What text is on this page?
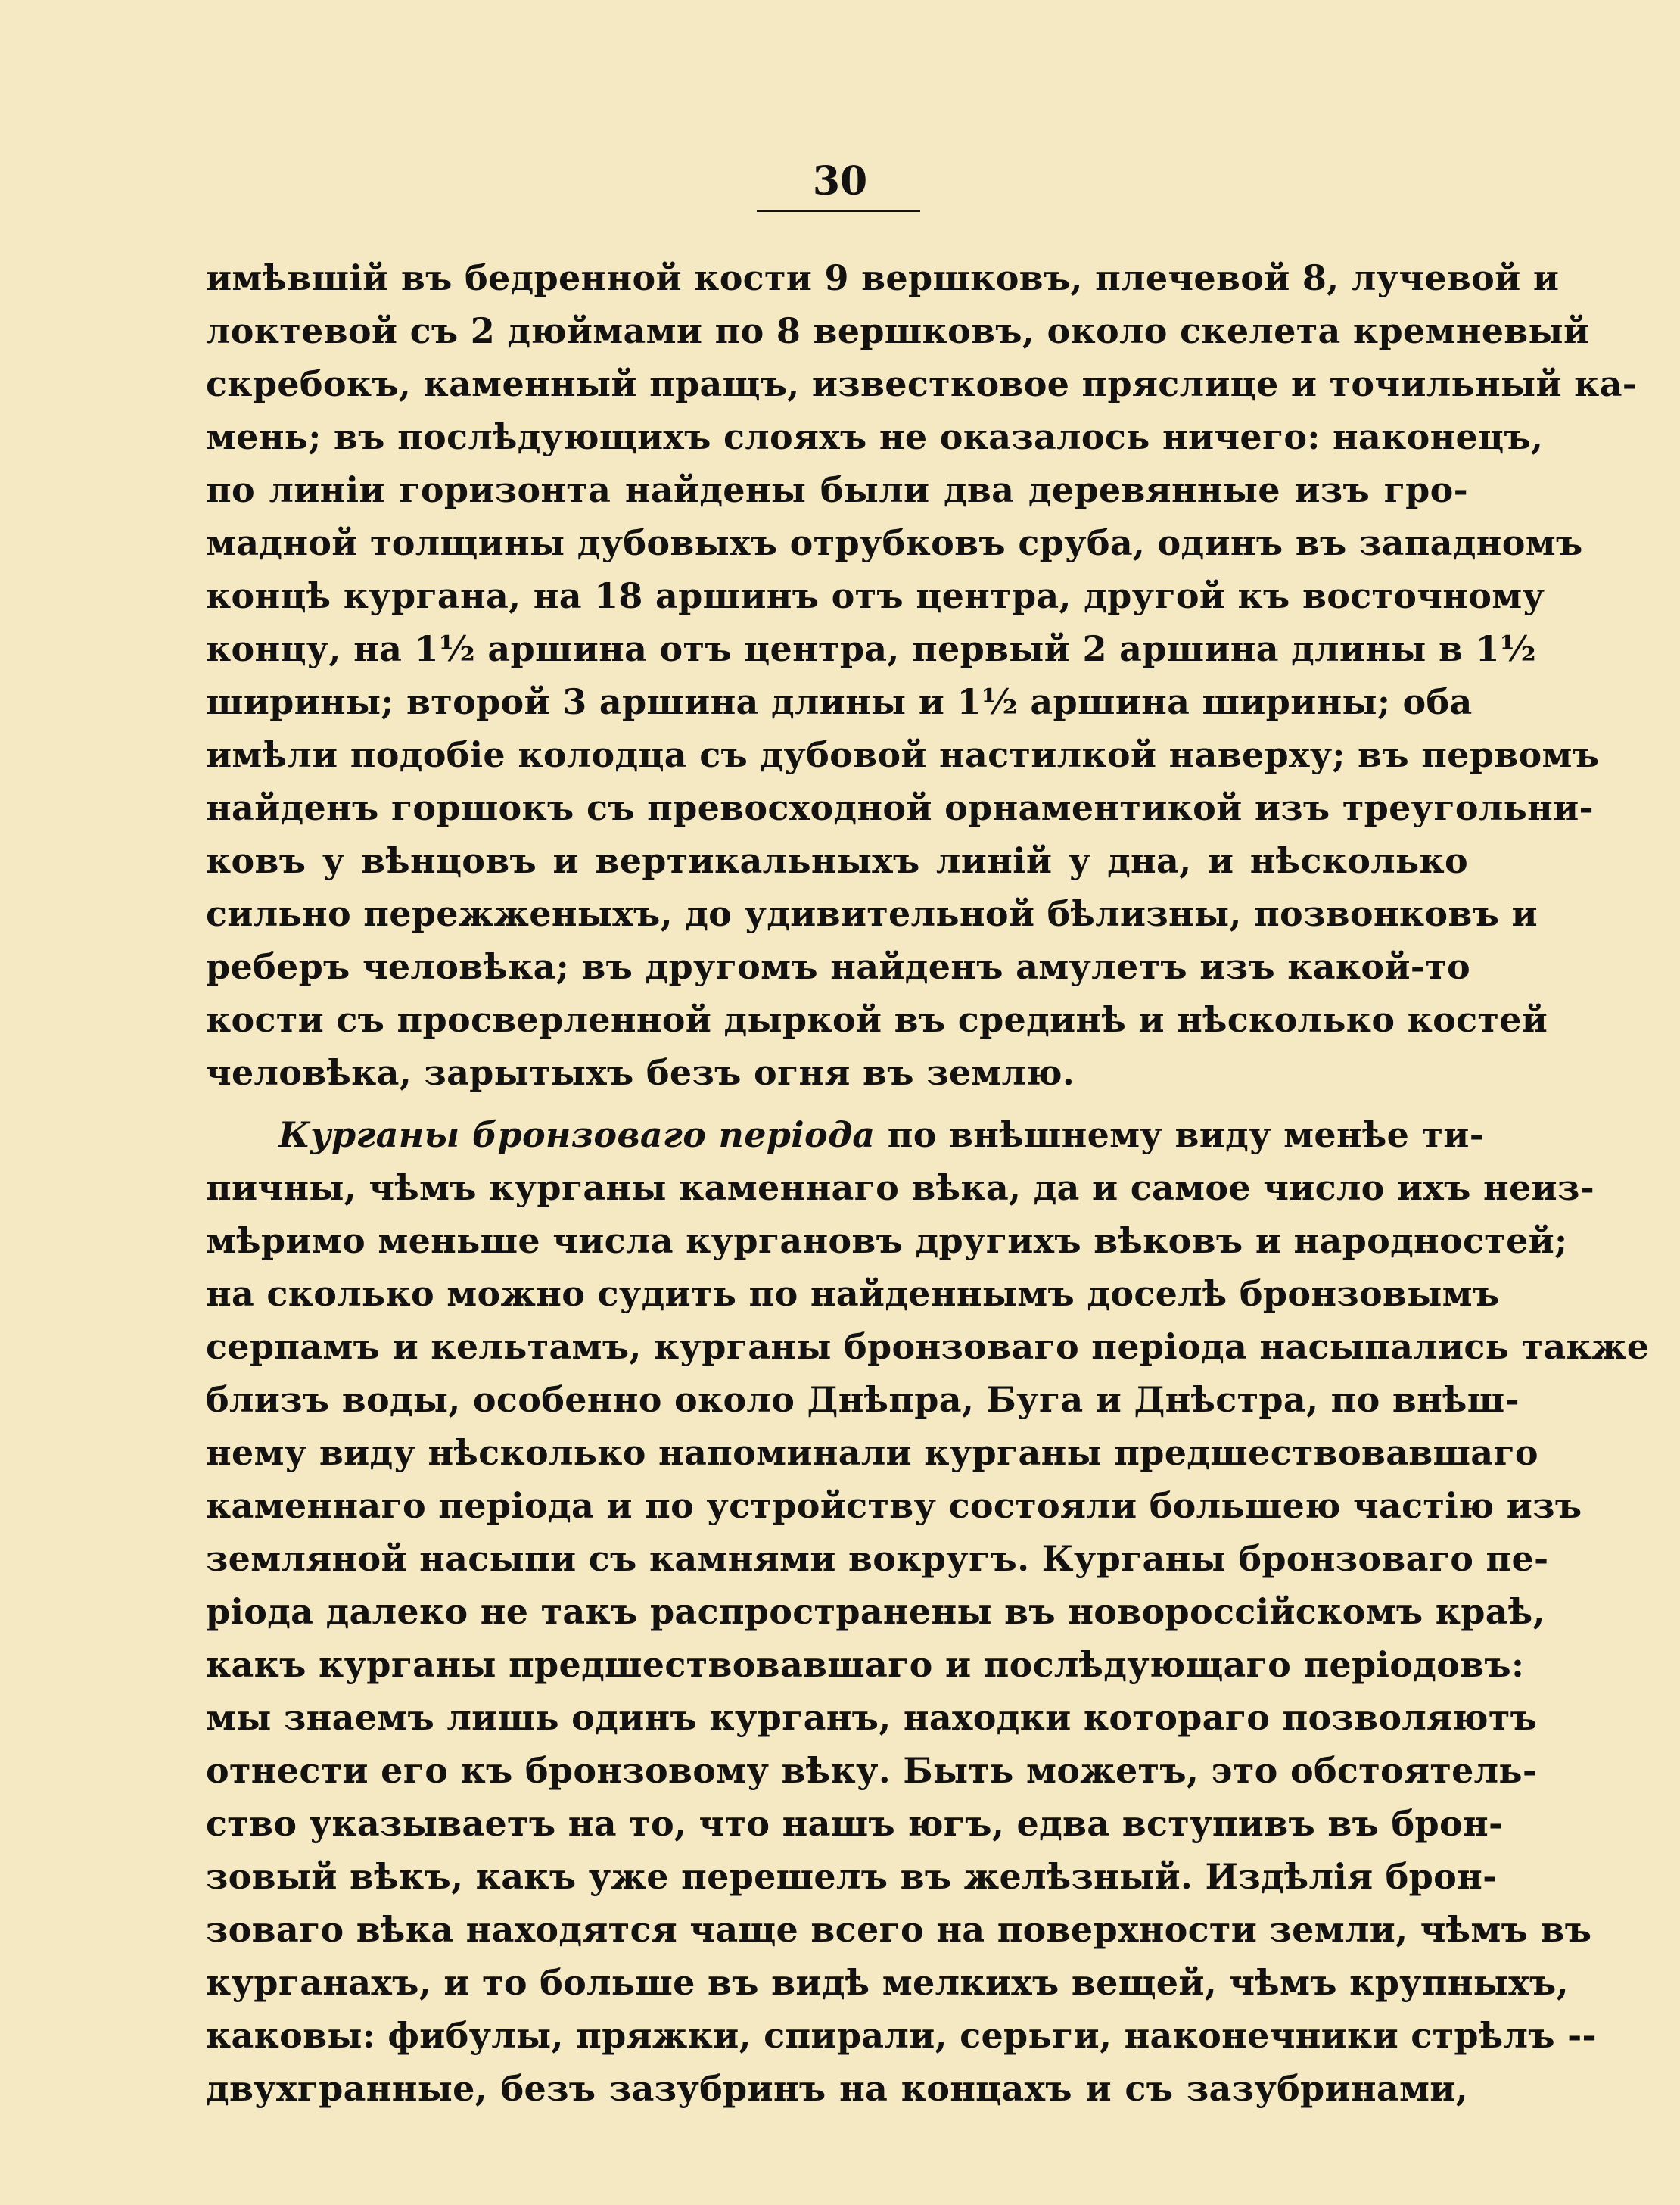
30
имѣвшій въ бедренной кости 9 вершковъ, плечевой 8, лучевой и
локтевой съ 2 дюймами по 8 вершковъ, около скелета кремневый
скребокъ, каменный пращъ, известковое пряслице и точильный ка-
мень; въ послѣдующихъ слояхъ не оказалось ничего: наконецъ,
по линіи горизонта найдены были два деревянные изъ гро-
мадной толщины дубовыхъ отрубковъ сруба, одинъ въ западномъ
концѣ кургана, на 18 аршинъ отъ центра, другой къ восточному
концу, на 1½ аршина отъ центра, первый 2 аршина длины в 1½
ширины; второй 3 аршина длины и 1½ аршина ширины; оба
имѣли подобіе колодца съ дубовой настилкой наверху; въ первомъ
найденъ горшокъ съ превосходной орнаментикой изъ треугольни-
ковъ у вѣнцовъ и вертикальныхъ линій у дна, и нѣсколько
сильно пережженыхъ, до удивительной бѣлизны, позвонковъ и
реберъ человѣка; въ другомъ найденъ амулетъ изъ какой-то
кости съ просверленной дыркой въ срединѣ и нѣсколько костей
человѣка, зарытыхъ безъ огня въ землю.
Курганы бронзоваго періода по внѣшнему виду менѣе ти-
пичны, чѣмъ курганы каменнаго вѣка, да и самое число ихъ неиз-
мѣримо меньше числа кургановъ другихъ вѣковъ и народностей;
на сколько можно судить по найденнымъ доселѣ бронзовымъ
серпамъ и кельтамъ, курганы бронзоваго періода насыпались также
близъ воды, особенно около Днѣпра, Буга и Днѣстра, по внѣш-
нему виду нѣсколько напоминали курганы предшествовавшаго
каменнаго періода и по устройству состояли большею частію изъ
земляной насыпи съ камнями вокругъ. Курганы бронзоваго пе-
ріода далеко не такъ распространены въ новороссійскомъ краѣ,
какъ курганы предшествовавшаго и послѣдующаго періодовъ:
мы знаемъ лишь одинъ курганъ, находки котораго позволяютъ
отнести его къ бронзовому вѣку. Быть можетъ, это обстоятель-
ство указываетъ на то, что нашъ югъ, едва вступивъ въ брон-
зовый вѣкъ, какъ уже перешелъ въ желѣзный. Издѣлія брон-
зоваго вѣка находятся чаще всего на поверхности земли, чѣмъ въ
курганахъ, и то больше въ видѣ мелкихъ вещей, чѣмъ крупныхъ,
каковы: фибулы, пряжки, спирали, серьги, наконечники стрѣлъ --
двухгранные, безъ зазубринъ на концахъ и съ зазубринами,
